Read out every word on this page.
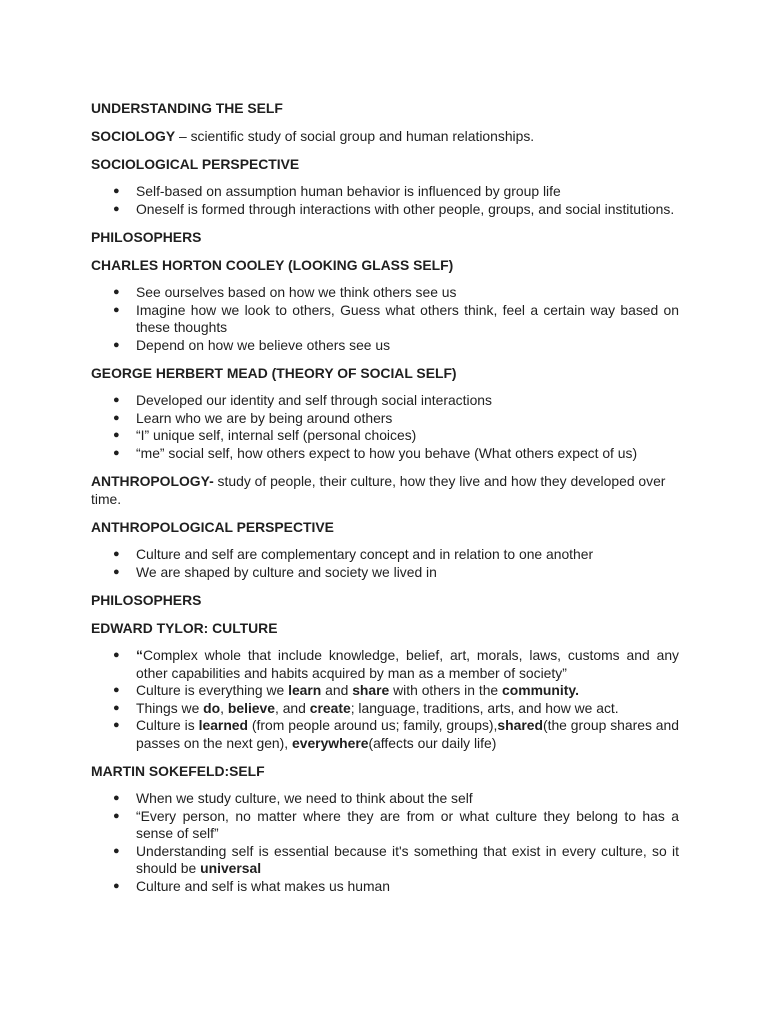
UNDERSTANDING THE SELF

SOCIOLOGY – scientific study of social group and human relationships.

SOCIOLOGICAL PERSPECTIVE

● Self-based on assumption human behavior is influenced by group life
● Oneself is formed through interactions with other people, groups, and social institutions.

PHILOSOPHERS

CHARLES HORTON COOLEY (LOOKING GLASS SELF)

● See ourselves based on how we think others see us
● Imagine how we look to others, Guess what others think, feel a certain way based on these thoughts
● Depend on how we believe others see us

GEORGE HERBERT MEAD (THEORY OF SOCIAL SELF)

● Developed our identity and self through social interactions
● Learn who we are by being around others
● “I” unique self, internal self (personal choices)
● “me” social self, how others expect to how you behave (What others expect of us)

ANTHROPOLOGY- study of people, their culture, how they live and how they developed over time.

ANTHROPOLOGICAL PERSPECTIVE

● Culture and self are complementary concept and in relation to one another
● We are shaped by culture and society we lived in

PHILOSOPHERS

EDWARD TYLOR: CULTURE

● “Complex whole that include knowledge, belief, art, morals, laws, customs and any other capabilities and habits acquired by man as a member of society”
● Culture is everything we learn and share with others in the community.
● Things we do, believe, and create; language, traditions, arts, and how we act.
● Culture is learned (from people around us; family, groups),shared(the group shares and passes on the next gen), everywhere(affects our daily life)

MARTIN SOKEFELD:SELF

● When we study culture, we need to think about the self
● “Every person, no matter where they are from or what culture they belong to has a sense of self”
● Understanding self is essential because it's something that exist in every culture, so it should be universal
● Culture and self is what makes us human
